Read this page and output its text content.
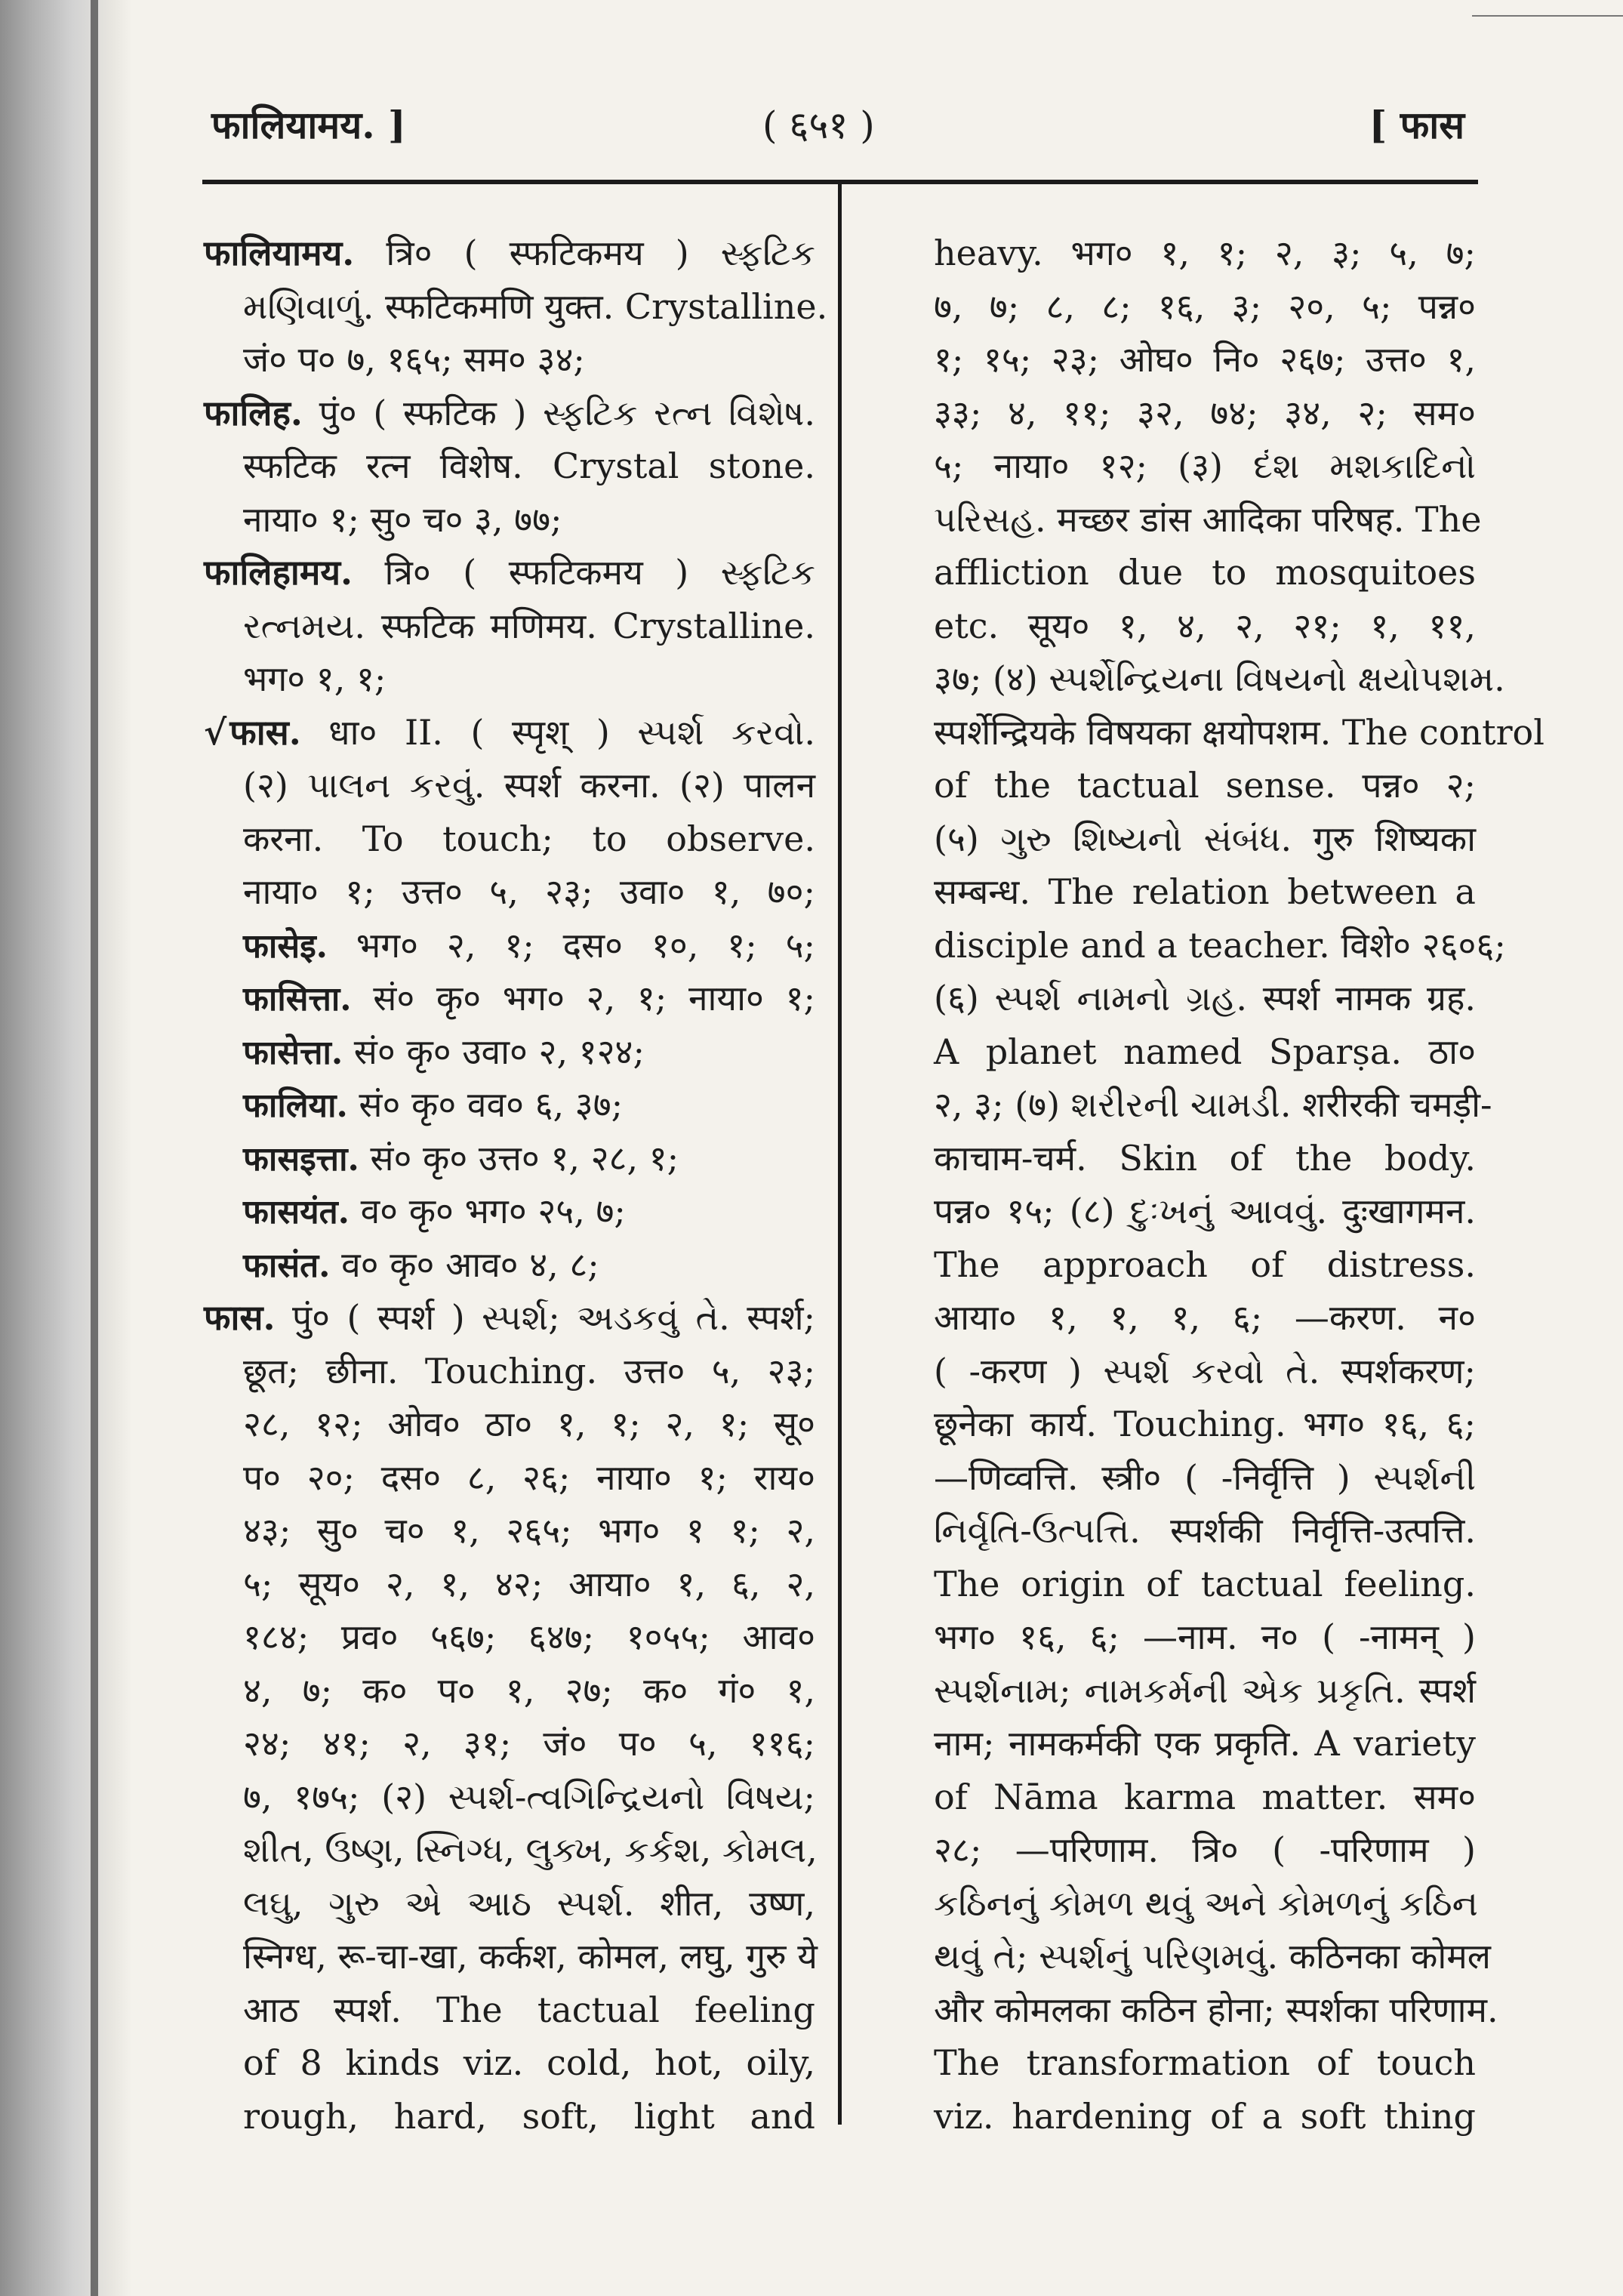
फालियामय. ]	( ६५१ )	[ फास
फालियामय. त्रि० ( स्फटिकमय ) સ્ફટિક
મણિવાળું. स्फटिकमणि युक्त. Crystalline.
जं० प० ७, १६५; सम० ३४;
फालिह. पुं० ( स्फटिक ) સ્ફટિક રત્ન વિશેષ.
स्फटिक रत्न विशेष. Crystal stone.
नाया० १; सु० च० ३, ७७;
फालिहामय. त्रि० ( स्फटिकमय ) સ્ફટિક
રત્નમય. स्फटिक मणिमय. Crystalline.
भग० १, १;
√फास. धा० II. ( स्पृश् ) સ્પર્શ કરવો.
(२) પાલન કરવું. स्पर्श करना. (२) पालन
करना. To touch; to observe.
नाया० १; उत्त० ५, २३; उवा० १, ७०;
फासेइ. भग० २, १; दस० १०, १; ५;
फासित्ता. सं० कृ० भग० २, १; नाया० १;
फासेत्ता. सं० कृ० उवा० २, १२४;
फालिया. सं० कृ० वव० ६, ३७;
फासइत्ता. सं० कृ० उत्त० १, २८, १;
फासयंत. व० कृ० भग० २५, ७;
फासंत. व० कृ० आव० ४, ८;
फास. पुं० ( स्पर्श ) સ્પર્શ; અડકવું તે. स्पर्श;
छूत; छीना. Touching. उत्त० ५, २३;
२८, १२; ओव० ठा० १, १; २, १; सू०
प० २०; दस० ८, २६; नाया० १; राय०
४३; सु० च० १, २६५; भग० १ १; २,
५; सूय० २, १, ४२; आया० १, ६, २,
१८४; प्रव० ५६७; ६४७; १०५५; आव०
४, ७; क० प० १, २७; क० गं० १,
२४; ४१; २, ३१; जं० प० ५, ११६;
७, १७५; (२) સ્પર્શ-ત્વગિન્દ્રિયનો વિષય;
શીત, ઉષ્ણ, સ્નિગ્ધ, લુક્ખ, કર્કશ, કોમલ,
લઘુ, ગુરુ એ આઠ સ્પર્શ. शीत, उष्ण,
स्निग्ध, रू-चा-खा, कर्कश, कोमल, लघु, गुरु ये
आठ स्पर्श. The tactual feeling
of 8 kinds viz. cold, hot, oily,
rough, hard, soft, light and
heavy. भग० १, १; २, ३; ५, ७;
७, ७; ८, ८; १६, ३; २०, ५; पन्न०
१; १५; २३; ओघ० नि० २६७; उत्त० १,
३३; ४, ११; ३२, ७४; ३४, २; सम०
५; नाया० १२; (३) દંશ મશકાદિનો
પરિસહ. मच्छर डांस आदिका परिषह. The
affliction due to mosquitoes
etc. सूय० १, ४, २, २१; १, ११,
३७; (४) સ્પર્શેન્દ્રિયના વિષયનો ક્ષયોપશમ.
स्पर्शेन्द्रियके विषयका क्षयोपशम. The control
of the tactual sense. पन्न० २;
(५) ગુરુ શિષ્યનો સંબંધ. गुरु शिष्यका
सम्बन्ध. The relation between a
disciple and a teacher. विशे० २६०६;
(६) સ્પર્શ નામનો ગ્રહ. स्पर्श नामक ग्रह.
A planet named Sparṣa. ठा०
२, ३; (७) શરીરની ચામડી. शरीरकी चमड़ी-
काचाम-चर्म. Skin of the body.
पन्न० १५; (८) દુઃખનું આવવું. दुःखागमन.
The approach of distress.
आया० १, १, १, ६; —करण. न०
( -करण ) સ્પર્શ કરવો તે. स्पर्शकरण;
छूनेका कार्य. Touching. भग० १६, ६;
—णिव्वत्ति. स्त्री० ( -निर्वृत्ति ) સ્પર્શની
નિર્વૃતિ-ઉત્પત્તિ. स्पर्शकी निर्वृत्ति-उत्पत्ति.
The origin of tactual feeling.
भग० १६, ६; —नाम. न० ( -नामन् )
સ્પર્શનામ; નામકર્મની એક પ્રકૃતિ. स्पर्श
नाम; नामकर्मकी एक प्रकृति. A variety
of Nāma karma matter. सम०
२८; —परिणाम. त्रि० ( -परिणाम )
કઠિનનું કોમળ થવું અને કોમળનું કઠિન
થવું તે; સ્પર્શનું પરિણમવું. कठिनका कोमल
और कोमलका कठिन होना; स्पर्शका परिणाम.
The transformation of touch
viz. hardening of a soft thing
